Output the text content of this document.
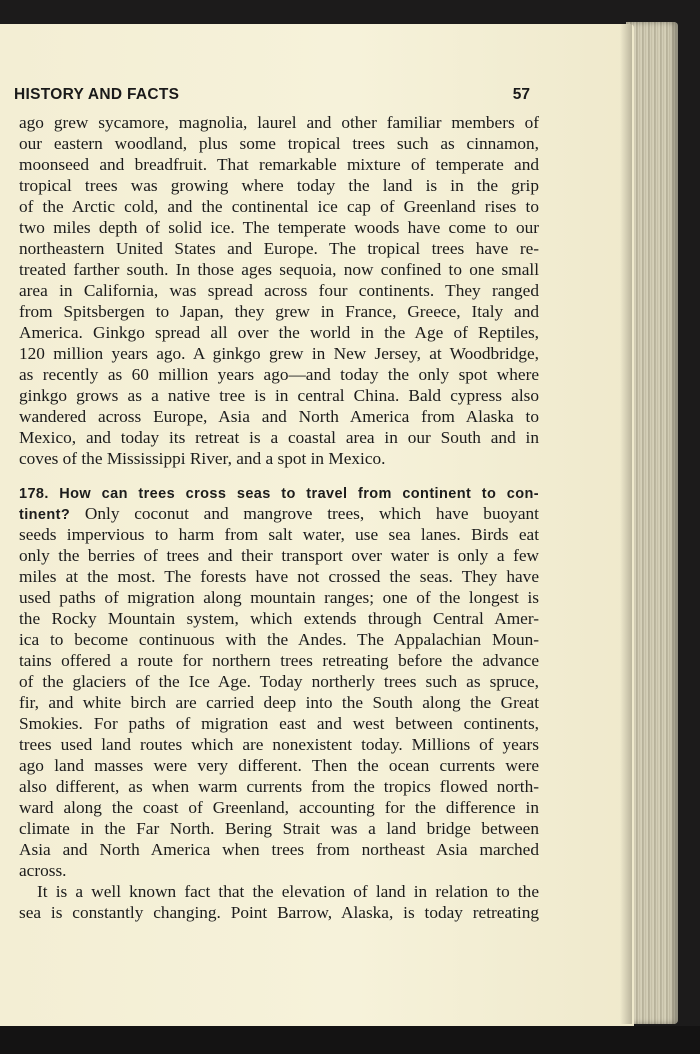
HISTORY AND FACTS	57
ago grew sycamore, magnolia, laurel and other familiar members of
our eastern woodland, plus some tropical trees such as cinnamon,
moonseed and breadfruit. That remarkable mixture of temperate and
tropical trees was growing where today the land is in the grip
of the Arctic cold, and the continental ice cap of Greenland rises to
two miles depth of solid ice. The temperate woods have come to our
northeastern United States and Europe. The tropical trees have re-
treated farther south. In those ages sequoia, now confined to one small
area in California, was spread across four continents. They ranged
from Spitsbergen to Japan, they grew in France, Greece, Italy and
America. Ginkgo spread all over the world in the Age of Reptiles,
120 million years ago. A ginkgo grew in New Jersey, at Woodbridge,
as recently as 60 million years ago—and today the only spot where
ginkgo grows as a native tree is in central China. Bald cypress also
wandered across Europe, Asia and North America from Alaska to
Mexico, and today its retreat is a coastal area in our South and in
coves of the Mississippi River, and a spot in Mexico.
178. How can trees cross seas to travel from continent to con-
tinent? Only coconut and mangrove trees, which have buoyant
seeds impervious to harm from salt water, use sea lanes. Birds eat
only the berries of trees and their transport over water is only a few
miles at the most. The forests have not crossed the seas. They have
used paths of migration along mountain ranges; one of the longest is
the Rocky Mountain system, which extends through Central Amer-
ica to become continuous with the Andes. The Appalachian Moun-
tains offered a route for northern trees retreating before the advance
of the glaciers of the Ice Age. Today northerly trees such as spruce,
fir, and white birch are carried deep into the South along the Great
Smokies. For paths of migration east and west between continents,
trees used land routes which are nonexistent today. Millions of years
ago land masses were very different. Then the ocean currents were
also different, as when warm currents from the tropics flowed north-
ward along the coast of Greenland, accounting for the difference in
climate in the Far North. Bering Strait was a land bridge between
Asia and North America when trees from northeast Asia marched
across.
It is a well known fact that the elevation of land in relation to the
sea is constantly changing. Point Barrow, Alaska, is today retreating
